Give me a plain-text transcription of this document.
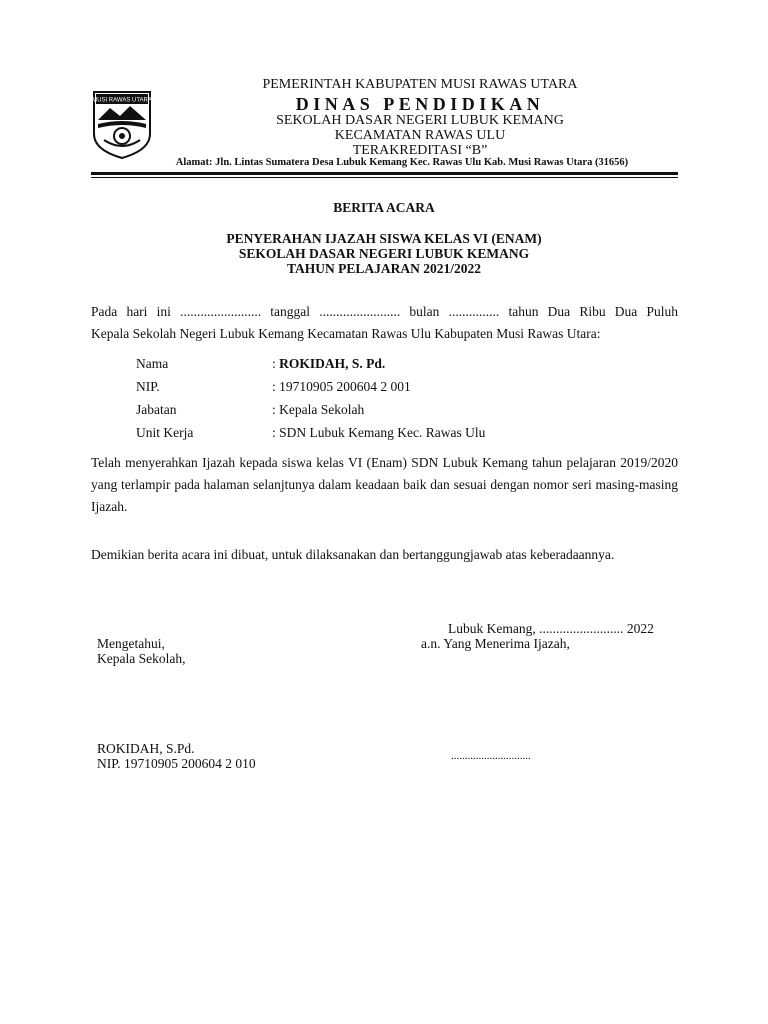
MUSI RAWAS UTARA
PEMERINTAH KABUPATEN MUSI RAWAS UTARA
DINAS PENDIDIKAN
SEKOLAH DASAR NEGERI LUBUK KEMANG
KECAMATAN RAWAS ULU
TERAKREDITASI “B”
Alamat: Jln. Lintas Sumatera Desa Lubuk Kemang Kec. Rawas Ulu Kab. Musi Rawas Utara (31656)
BERITA ACARA
PENYERAHAN IJAZAH SISWA KELAS VI (ENAM)
SEKOLAH DASAR NEGERI LUBUK KEMANG
TAHUN PELAJARAN 2021/2022
Pada hari ini ........................ tanggal ........................ bulan ............... tahun Dua Ribu Dua Puluh
Kepala Sekolah Negeri Lubuk Kemang Kecamatan Rawas Ulu Kabupaten Musi Rawas Utara:
Nama	: ROKIDAH, S. Pd.
NIP.	: 19710905 200604 2 001
Jabatan	: Kepala Sekolah
Unit Kerja	: SDN Lubuk Kemang Kec. Rawas Ulu
Telah menyerahkan Ijazah kepada siswa kelas VI (Enam) SDN Lubuk Kemang tahun pelajaran 2019/2020 yang terlampir pada halaman selanjtunya dalam keadaan baik dan sesuai dengan nomor seri masing-masing Ijazah.
Demikian berita acara ini dibuat, untuk dilaksanakan dan bertanggungjawab atas keberadaannya.
Lubuk Kemang, ......................... 2022
Mengetahui,	a.n. Yang Menerima Ijazah,
Kepala Sekolah,
ROKIDAH, S.Pd.
NIP. 19710905 200604 2 010	.............................
